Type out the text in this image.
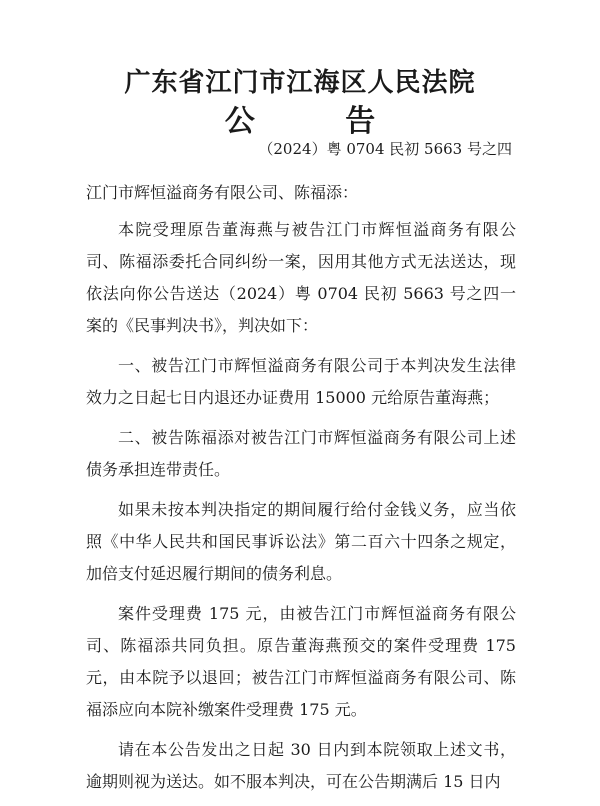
广东省江门市江海区人民法院
公 告
（2024）粤 0704 民初 5663 号之四
江门市辉恒溢商务有限公司、陈福添：

本院受理原告董海燕与被告江门市辉恒溢商务有限公司、陈福添委托合同纠纷一案，因用其他方式无法送达，现依法向你公告送达（2024）粤 0704 民初 5663 号之四一案的《民事判决书》，判决如下：

一、被告江门市辉恒溢商务有限公司于本判决发生法律效力之日起七日内退还办证费用 15000 元给原告董海燕；

二、被告陈福添对被告江门市辉恒溢商务有限公司上述债务承担连带责任。

如果未按本判决指定的期间履行给付金钱义务，应当依照《中华人民共和国民事诉讼法》第二百六十四条之规定，加倍支付延迟履行期间的债务利息。

案件受理费 175 元，由被告江门市辉恒溢商务有限公司、陈福添共同负担。原告董海燕预交的案件受理费 175 元，由本院予以退回；被告江门市辉恒溢商务有限公司、陈福添应向本院补缴案件受理费 175 元。

请在本公告发出之日起 30 日内到本院领取上述文书，逾期则视为送达。如不服本判决，可在公告期满后 15 日内
